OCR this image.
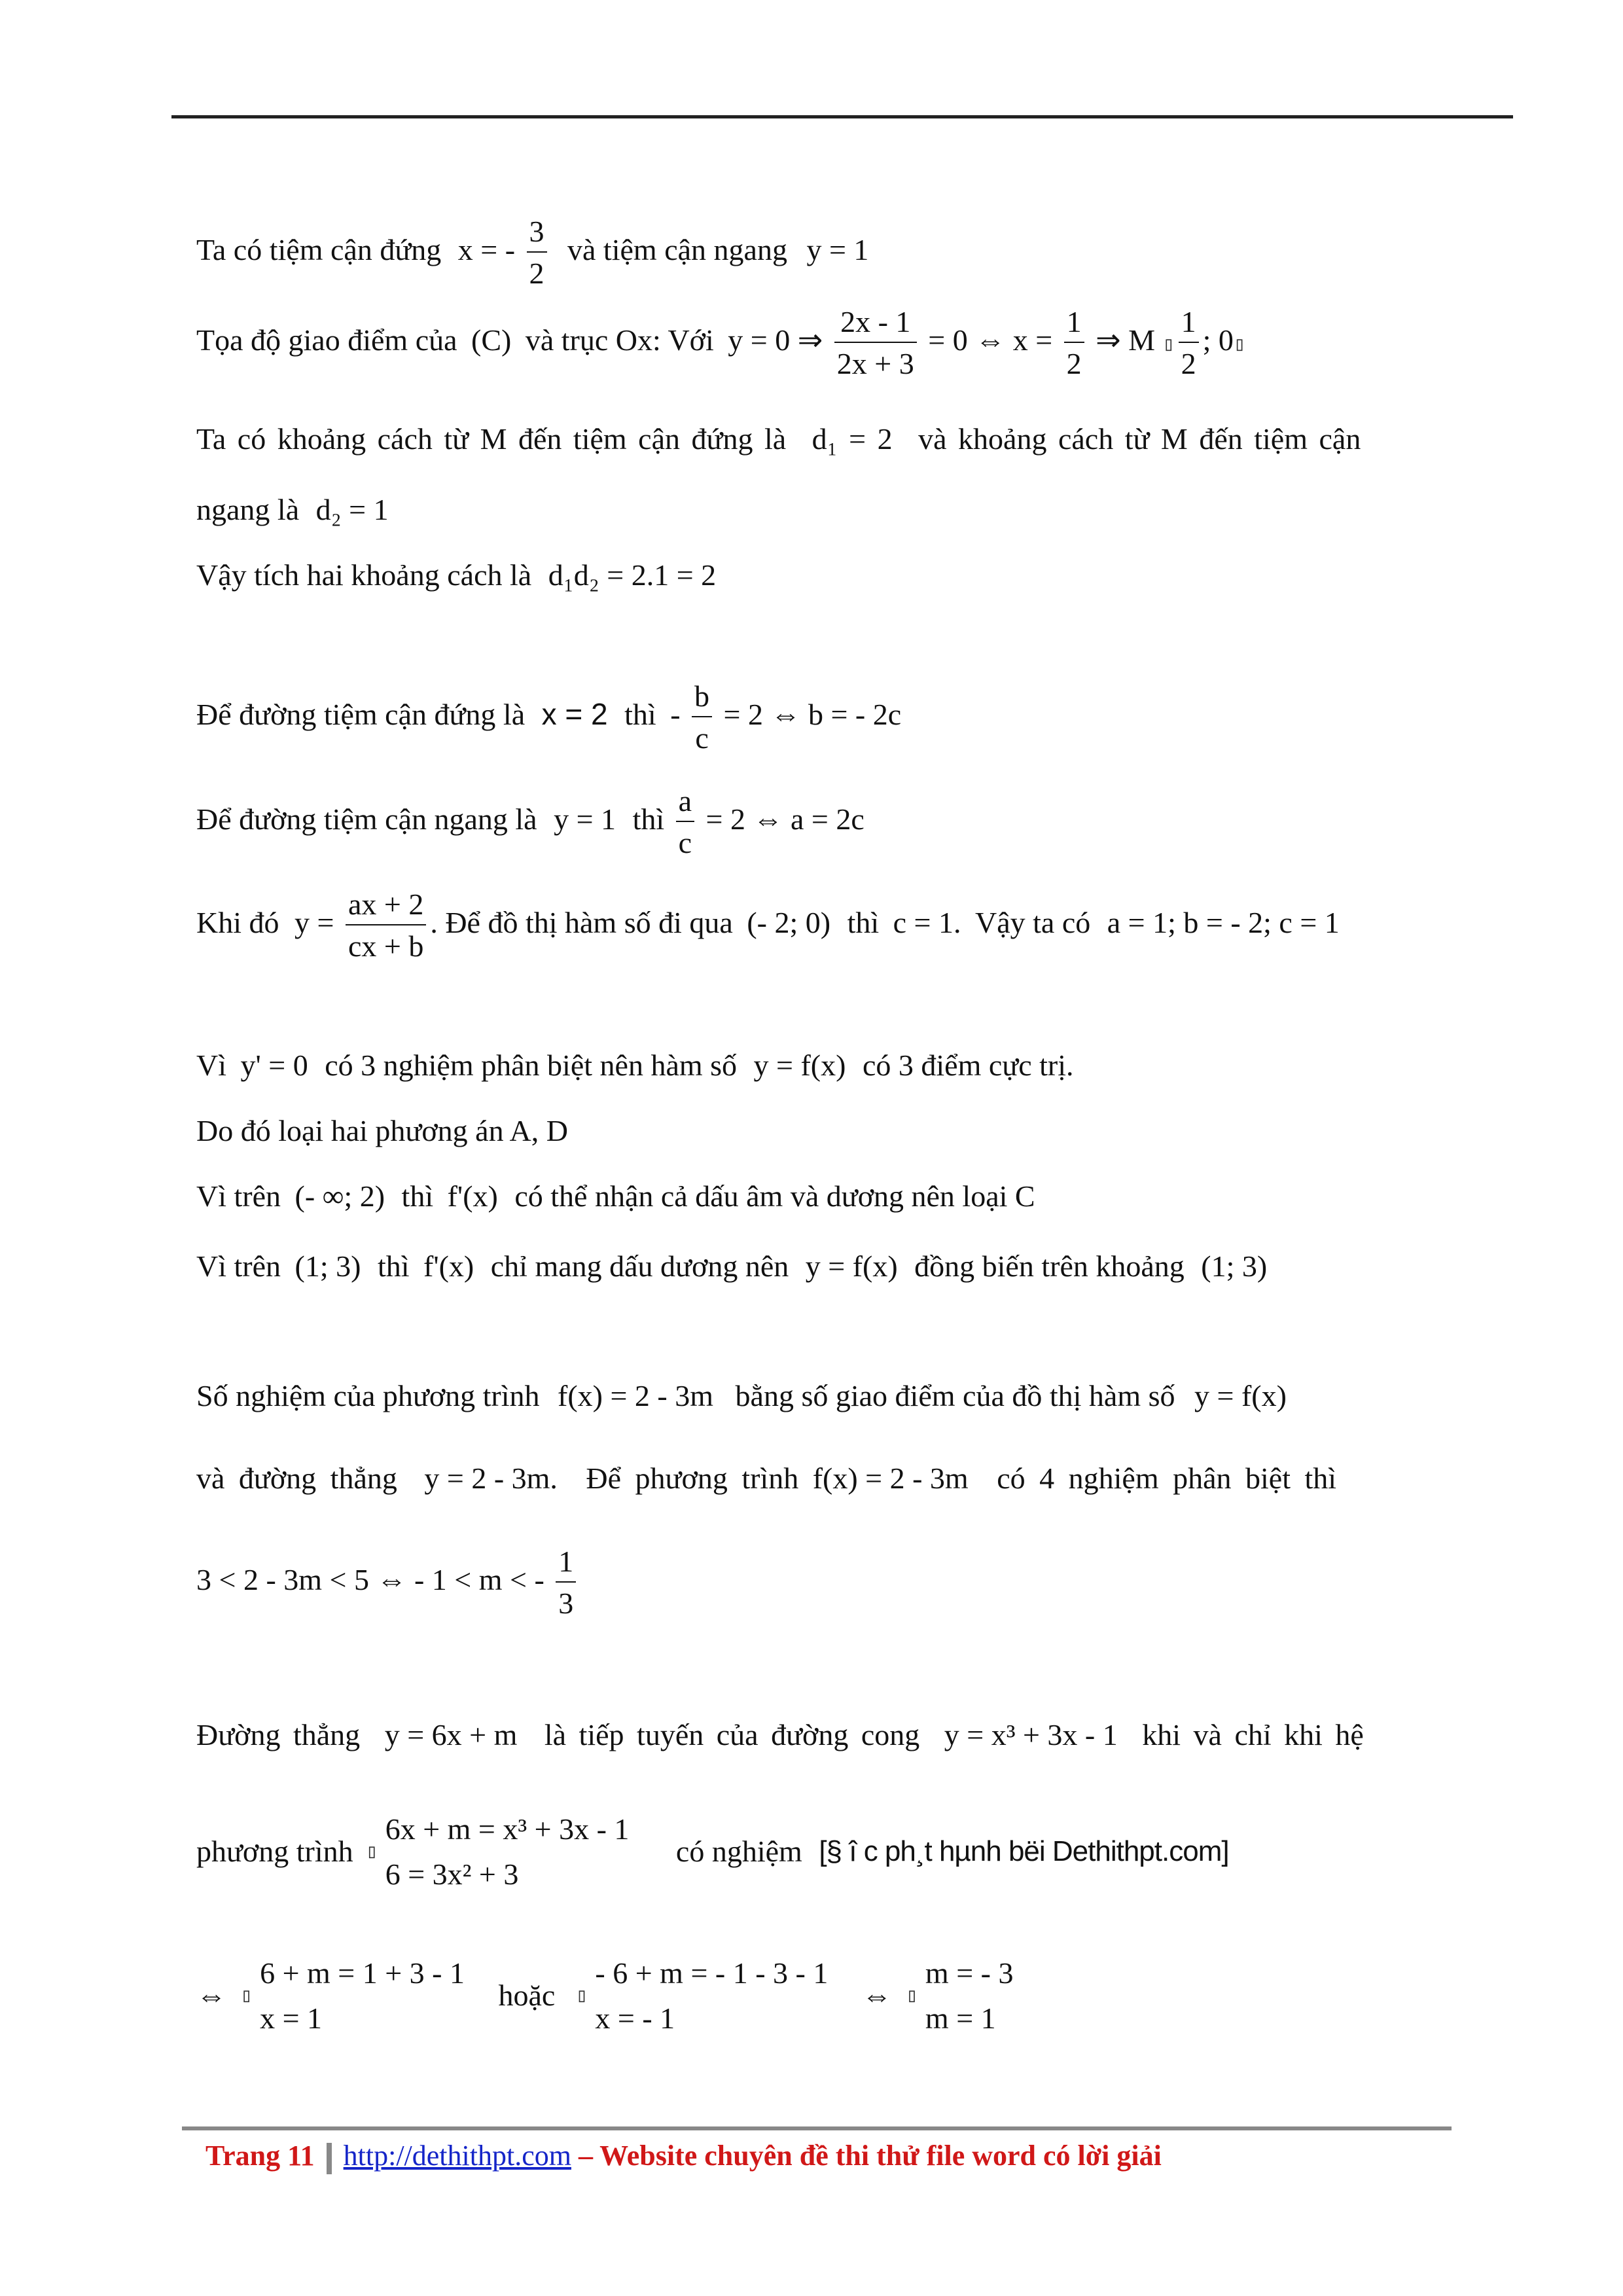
Ta có tiệm cận đứng x = - $\frac{3}{2}$ và tiệm cận ngang y = 1
Tọa độ giao điểm của (C) và trục Ox: Với y = 0 ⇒ $\frac{2x - 1}{2x + 3} = 0$ ⇔ $x = \frac{1}{2}$ ⇒ M ▯ $\frac{1}{2}$ ; 0▯
Ta có khoảng cách từ M đến tiệm cận đứng là d₁ = 2 và khoảng cách từ M đến tiệm cận
ngang là d₂ = 1
Vậy tích hai khoảng cách là d₁d₂ = 2.1 = 2
Để đường tiệm cận đứng là x = 2 thì - $\frac{b}{c} = 2$ ⇔ b = - 2c
Để đường tiệm cận ngang là y = 1 thì $\frac{a}{c} = 2$ ⇔ a = 2c
Khi đó $y = \frac{ax + 2}{cx + b}$ . Để đồ thị hàm số đi qua (- 2; 0) thì c = 1. Vậy ta có a = 1; b = - 2; c = 1
Vì y' = 0 có 3 nghiệm phân biệt nên hàm số y = f(x) có 3 điểm cực trị.
Do đó loại hai phương án A, D
Vì trên (- ∞; 2) thì f'(x) có thể nhận cả dấu âm và dương nên loại C
Vì trên (1; 3) thì f'(x) chỉ mang dấu dương nên y = f(x) đồng biến trên khoảng (1; 3)
Số nghiệm của phương trình f(x) = 2 - 3m bằng số giao điểm của đồ thị hàm số y = f(x)
và đường thẳng y = 2 - 3m. Để phương trình f(x) = 2 - 3m có 4 nghiệm phân biệt thì
3 < 2 - 3m < 5 ⇔ - 1 < m < - $\frac{1}{3}$
Đường thẳng y = 6x + m là tiếp tuyến của đường cong y = x³ + 3x - 1 khi và chỉ khi hệ
phương trình ▯
6x + m = x³ + 3x - 1
6 = 3x² + 3
có nghiệm [§ î c ph¸t hµnh bëi Dethithpt.com]
⇔ ▯
6 + m = 1 + 3 - 1
x = 1
hoặc ▯
- 6 + m = - 1 - 3 - 1
x = - 1
⇔ ▯
m = - 3
m = 1
Trang 11 http://dethithpt.com – Website chuyên đề thi thử file word có lời giải
